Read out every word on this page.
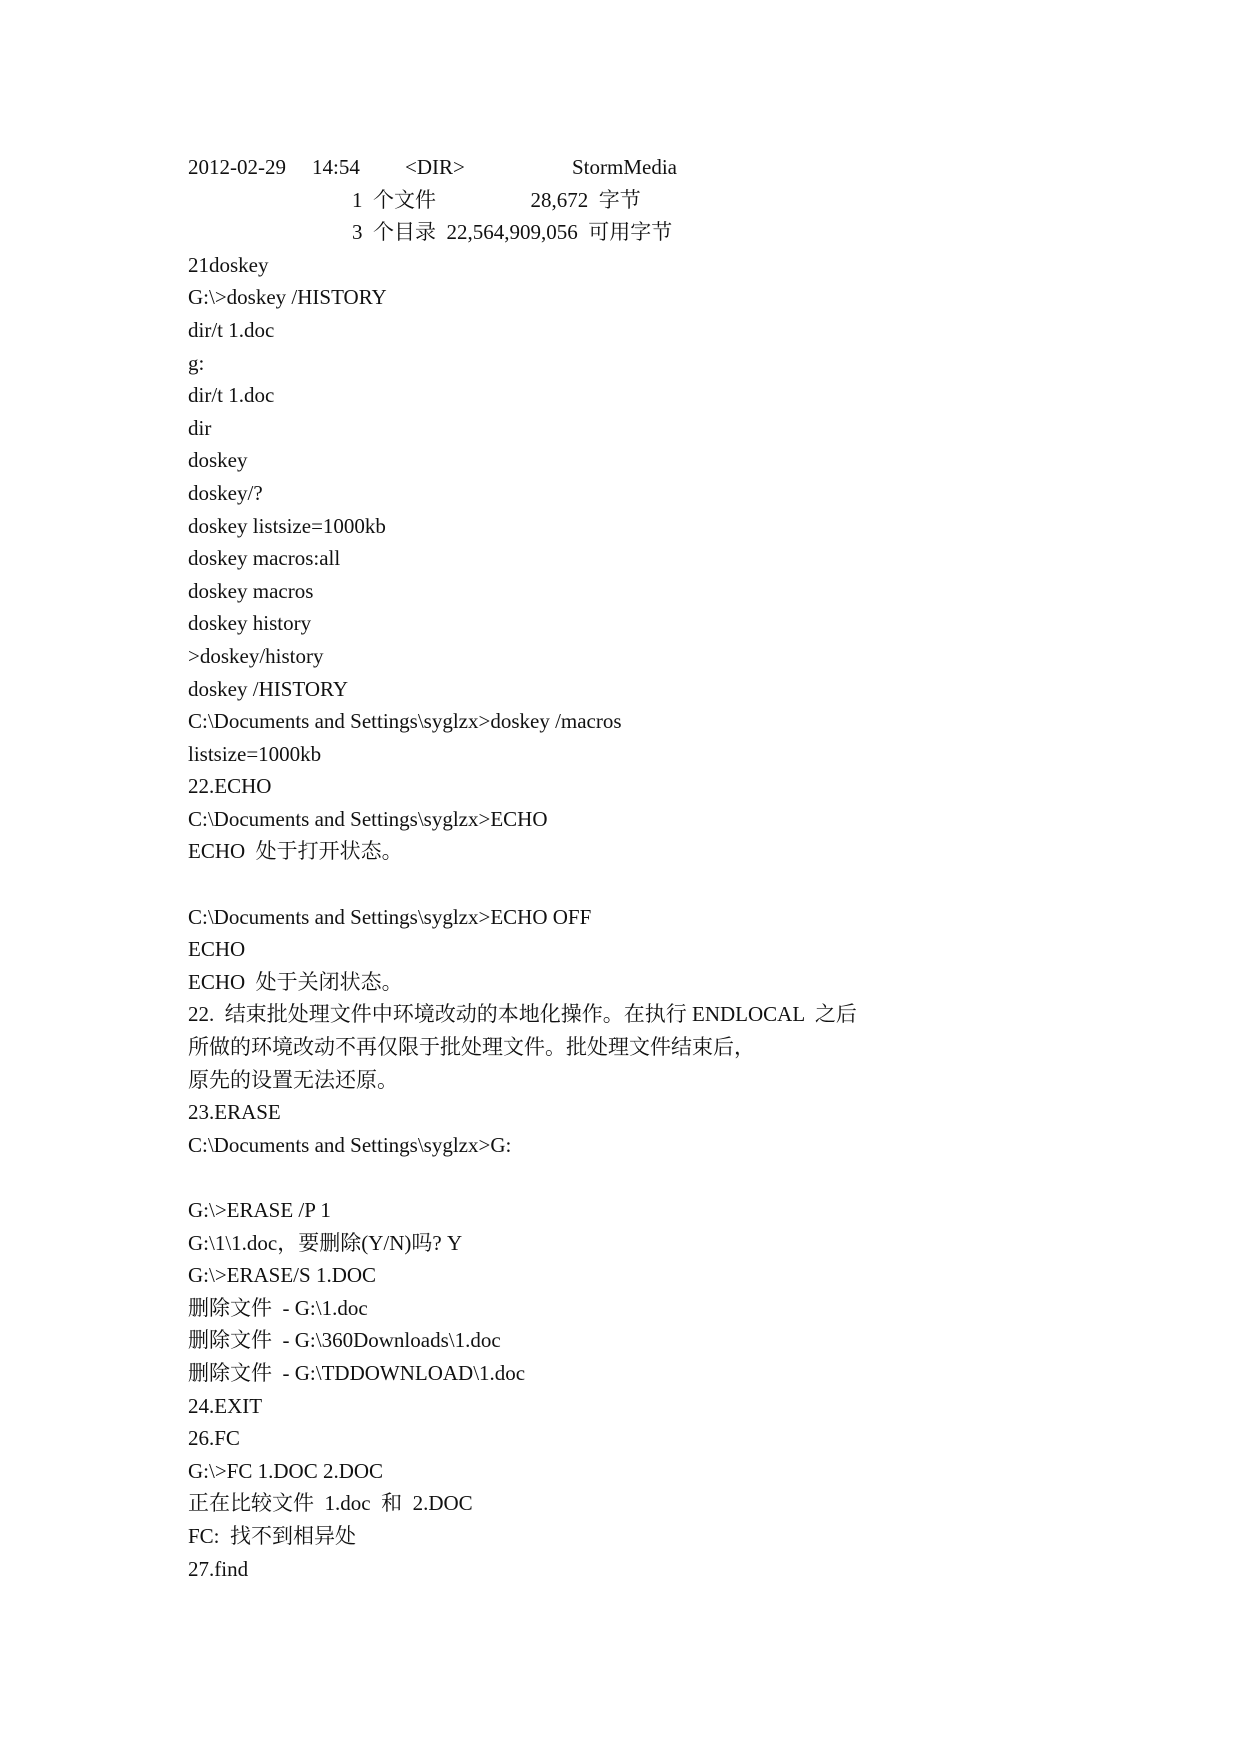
2012-02-29 14:54 <DIR>	StormMedia
1  个文件                  28,672  字节
3  个目录  22,564,909,056  可用字节
21doskey
G:\>doskey /HISTORY
dir/t 1.doc
g:
dir/t 1.doc
dir
doskey
doskey/?
doskey listsize=1000kb
doskey macros:all
doskey macros
doskey history
>doskey/history
doskey /HISTORY
C:\Documents and Settings\syglzx>doskey /macros
listsize=1000kb
22.ECHO
C:\Documents and Settings\syglzx>ECHO
ECHO  处于打开状态。
C:\Documents and Settings\syglzx>ECHO OFF
ECHO
ECHO  处于关闭状态。
22.  结束批处理文件中环境改动的本地化操作。在执行 ENDLOCAL  之后
所做的环境改动不再仅限于批处理文件。批处理文件结束后，
原先的设置无法还原。
23.ERASE
C:\Documents and Settings\syglzx>G:
G:\>ERASE /P 1
G:\1\1.doc，要删除(Y/N)吗? Y
G:\>ERASE/S 1.DOC
删除文件  - G:\1.doc
删除文件  - G:\360Downloads\1.doc
删除文件  - G:\TDDOWNLOAD\1.doc
24.EXIT
26.FC
G:\>FC 1.DOC 2.DOC
正在比较文件  1.doc  和  2.DOC
FC:  找不到相异处
27.find
